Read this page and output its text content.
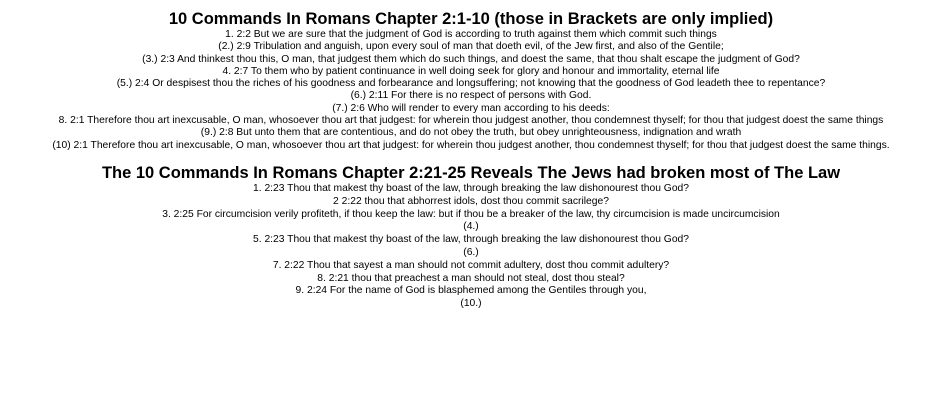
10 Commands In Romans Chapter 2:1-10 (those in Brackets are only implied)
1. 2:2 But we are sure that the judgment of God is according to truth against them which commit such things
(2.) 2:9 Tribulation and anguish, upon every soul of man that doeth evil, of the Jew first, and also of the Gentile;
(3.) 2:3 And thinkest thou this, O man, that judgest them which do such things, and doest the same, that thou shalt escape the judgment of God?
4. 2:7 To them who by patient continuance in well doing seek for glory and honour and immortality, eternal life
(5.) 2:4 Or despisest thou the riches of his goodness and forbearance and longsuffering; not knowing that the goodness of God leadeth thee to repentance?
(6.) 2:11 For there is no respect of persons with God.
(7.) 2:6 Who will render to every man according to his deeds:
8. 2:1 Therefore thou art inexcusable, O man, whosoever thou art that judgest: for wherein thou judgest another, thou condemnest thyself; for thou that judgest doest the same things
(9.) 2:8 But unto them that are contentious, and do not obey the truth, but obey unrighteousness, indignation and wrath
(10) 2:1 Therefore thou art inexcusable, O man, whosoever thou art that judgest: for wherein thou judgest another, thou condemnest thyself; for thou that judgest doest the same things.
The 10 Commands In Romans Chapter 2:21-25 Reveals The Jews had broken most of The Law
1. 2:23 Thou that makest thy boast of the law, through breaking the law dishonourest thou God?
2 2:22 thou that abhorrest idols, dost thou commit sacrilege?
3. 2:25 For circumcision verily profiteth, if thou keep the law: but if thou be a breaker of the law, thy circumcision is made uncircumcision
(4.)
5. 2:23 Thou that makest thy boast of the law, through breaking the law dishonourest thou God?
(6.)
7. 2:22 Thou that sayest a man should not commit adultery, dost thou commit adultery?
8. 2:21 thou that preachest a man should not steal, dost thou steal?
9. 2:24 For the name of God is blasphemed among the Gentiles through you,
(10.)
